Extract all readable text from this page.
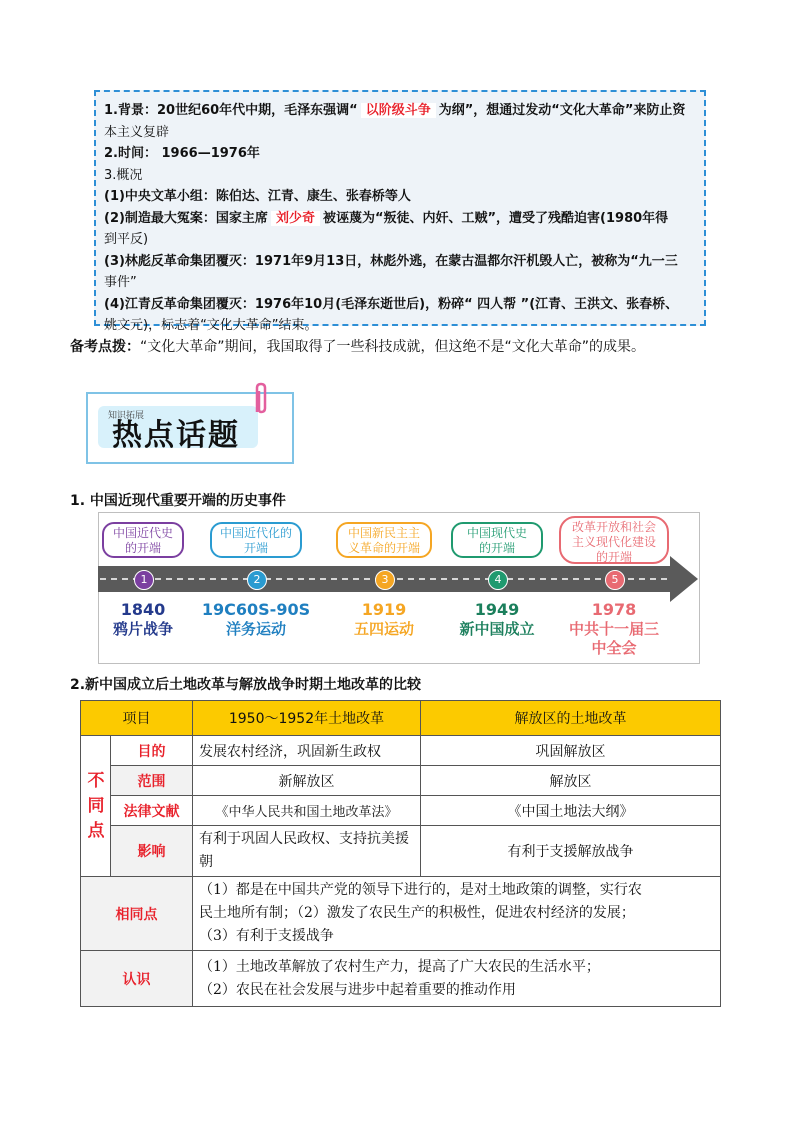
1.背景：20世纪60年代中期，毛泽东强调“ 以阶级斗争 为纲”，想通过发动“文化大革命”来防止资
本主义复辟
2.时间： 1966—1976年
3.概况
(1)中央文革小组：陈伯达、江青、康生、张春桥等人
(2)制造最大冤案：国家主席 刘少奇 被诬蔑为“叛徒、内奸、工贼”，遭受了残酷迫害(1980年得
到平反)
(3)林彪反革命集团覆灭：1971年9月13日，林彪外逃，在蒙古温都尔汗机毁人亡，被称为“九一三
事件”
(4)江青反革命集团覆灭：1976年10月(毛泽东逝世后)，粉碎“ 四人帮 ”(江青、王洪文、张春桥、
姚文元)，标志着“文化大革命”结束。
备考点拨：“文化大革命”期间，我国取得了一些科技成就，但这绝不是“文化大革命”的成果。
知识拓展
热点话题
1. 中国近现代重要开端的历史事件
中国近代史
的开端
1
1840
鸦片战争
中国近代化的
开端
2
19C60S-90S
洋务运动
中国新民主主
义革命的开端
3
1919
五四运动
中国现代史
的开端
4
1949
新中国成立
改革开放和社会
主义现代化建设
的开端
5
1978
中共十一届三
中全会
2.新中国成立后土地改革与解放战争时期土地改革的比较
项目		1950～1952年土地改革	解放区的土地改革
不同点	目的	发展农村经济，巩固新生政权	巩固解放区
	范围	新解放区	解放区
	法律文献	《中华人民共和国土地改革法》	《中国土地法大纲》
	影响	有利于巩固人民政权、支持抗美援朝	有利于支援解放战争
相同点		（1）都是在中国共产党的领导下进行的，是对土地政策的调整，实行农
民土地所有制；（2）激发了农民生产的积极性，促进农村经济的发展；
（3）有利于支援战争	

认识		（1）土地改革解放了农村生产力，提高了广大农民的生活水平；
（2）农民在社会发展与进步中起着重要的推动作用	
